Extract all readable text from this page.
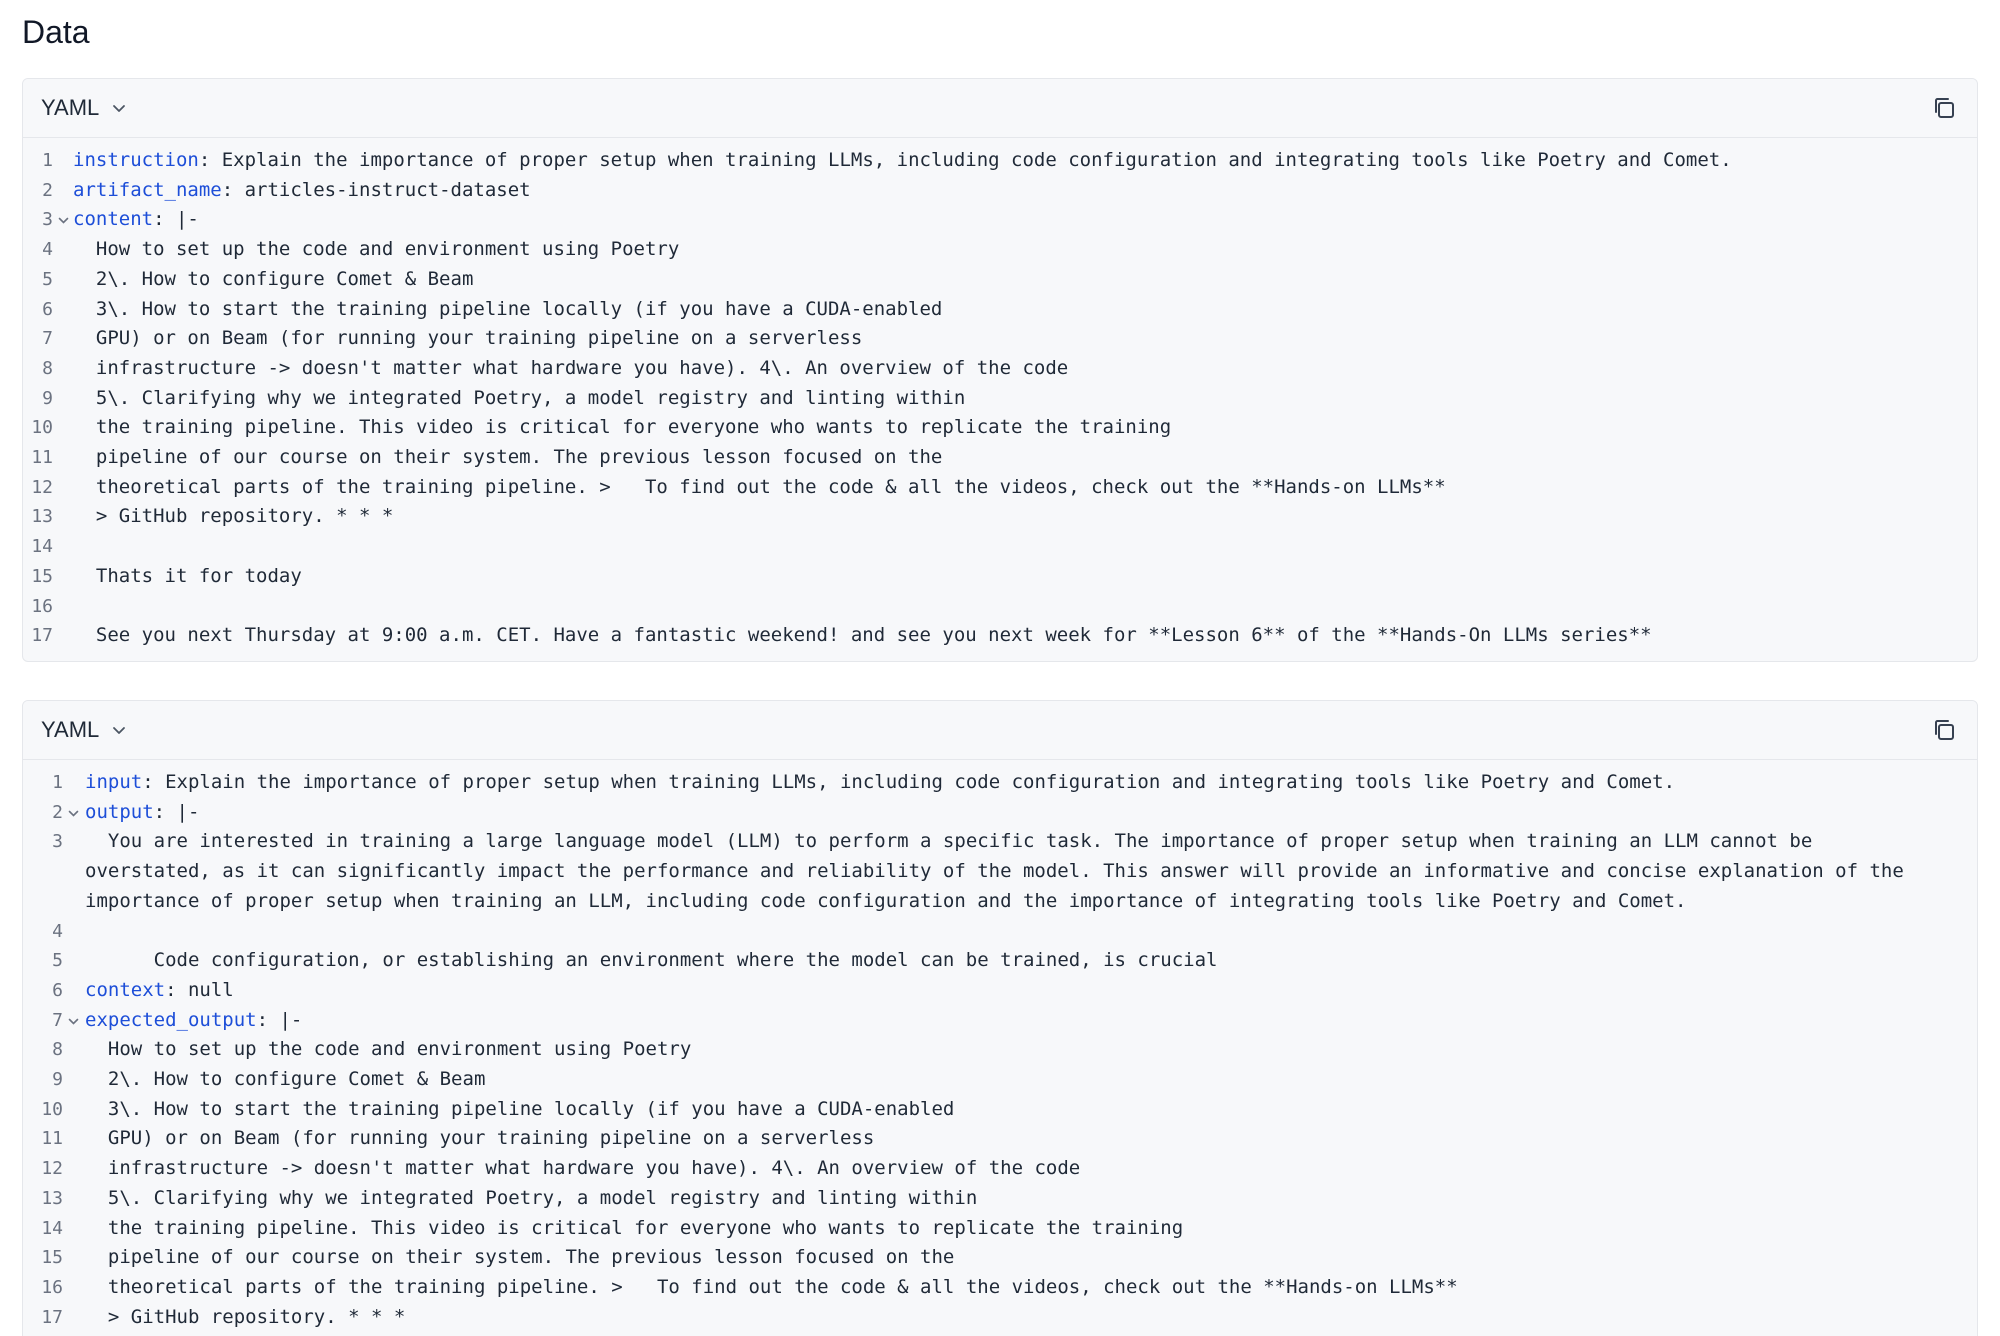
Data
YAML
1 instruction: Explain the importance of proper setup when training LLMs, including code configuration and integrating tools like Poetry and Comet.
2 artifact_name: articles-instruct-dataset
3 content: |-
4 How to set up the code and environment using Poetry
5 2\. How to configure Comet & Beam
6 3\. How to start the training pipeline locally (if you have a CUDA-enabled
7 GPU) or on Beam (for running your training pipeline on a serverless
8 infrastructure -> doesn't matter what hardware you have). 4\. An overview of the code
9 5\. Clarifying why we integrated Poetry, a model registry and linting within
10 the training pipeline. This video is critical for everyone who wants to replicate the training
11 pipeline of our course on their system. The previous lesson focused on the
12 theoretical parts of the training pipeline. >   To find out the code & all the videos, check out the **Hands-on LLMs**
13 > GitHub repository. * * *
14
15 Thats it for today
16
17 See you next Thursday at 9:00 a.m. CET. Have a fantastic weekend! and see you next week for **Lesson 6** of the **Hands-On LLMs series**
YAML
1 input: Explain the importance of proper setup when training LLMs, including code configuration and integrating tools like Poetry and Comet.
2 output: |-
3 You are interested in training a large language model (LLM) to perform a specific task. The importance of proper setup when training an LLM cannot be overstated, as it can significantly impact the performance and reliability of the model. This answer will provide an informative and concise explanation of the importance of proper setup when training an LLM, including code configuration and the importance of integrating tools like Poetry and Comet.
4
5 Code configuration, or establishing an environment where the model can be trained, is crucial
6 context: null
7 expected_output: |-
8 How to set up the code and environment using Poetry
9 2\. How to configure Comet & Beam
10 3\. How to start the training pipeline locally (if you have a CUDA-enabled
11 GPU) or on Beam (for running your training pipeline on a serverless
12 infrastructure -> doesn't matter what hardware you have). 4\. An overview of the code
13 5\. Clarifying why we integrated Poetry, a model registry and linting within
14 the training pipeline. This video is critical for everyone who wants to replicate the training
15 pipeline of our course on their system. The previous lesson focused on the
16 theoretical parts of the training pipeline. >   To find out the code & all the videos, check out the **Hands-on LLMs**
17 > GitHub repository. * * *
